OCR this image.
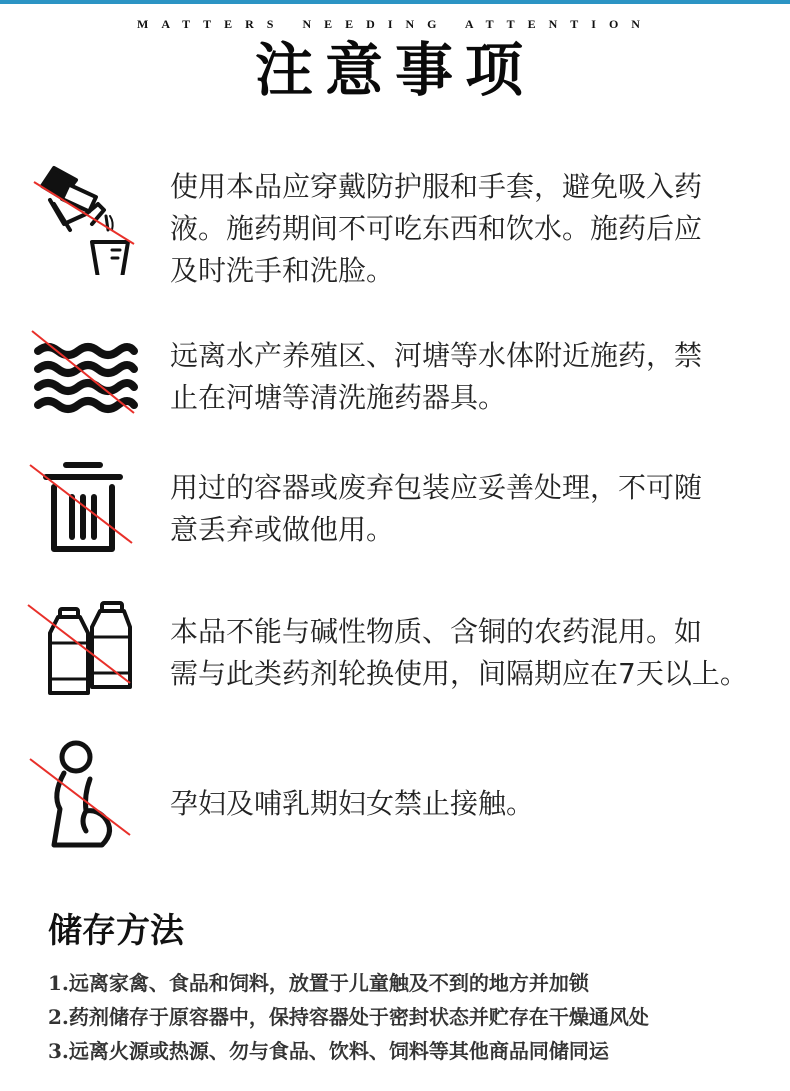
MATTERS NEEDING ATTENTION
注意事项
使用本品应穿戴防护服和手套，避免吸入药
液。施药期间不可吃东西和饮水。施药后应
及时洗手和洗脸。
远离水产养殖区、河塘等水体附近施药，禁
止在河塘等清洗施药器具。
用过的容器或废弃包装应妥善处理，不可随
意丢弃或做他用。
本品不能与碱性物质、含铜的农药混用。如
需与此类药剂轮换使用，间隔期应在7天以上。
孕妇及哺乳期妇女禁止接触。
储存方法
1.远离家禽、食品和饲料，放置于儿童触及不到的地方并加锁
2.药剂储存于原容器中，保持容器处于密封状态并贮存在干燥通风处
3.远离火源或热源、勿与食品、饮料、饲料等其他商品同储同运
